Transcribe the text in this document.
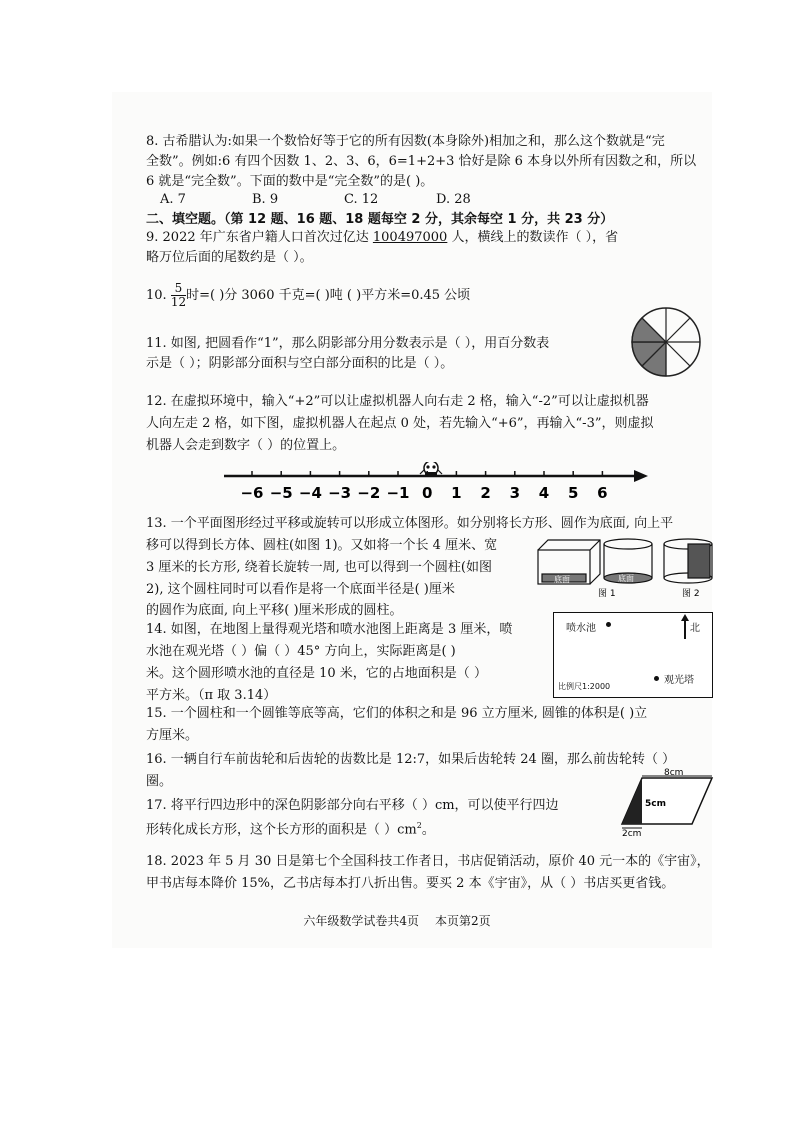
8. 古希腊认为:如果一个数恰好等于它的所有因数(本身除外)相加之和，那么这个数就是“完
全数”。例如:6 有四个因数 1、2、3、6，6=1+2+3 恰好是除 6 本身以外所有因数之和，所以
6 就是“完全数”。下面的数中是“完全数”的是( )。
A. 7	B. 9	C. 12	D. 28
二、填空题。（第 12 题、16 题、18 题每空 2 分，其余每空 1 分，共 23 分）
9. 2022 年广东省户籍人口首次过亿达 100497000 人，横线上的数读作（ ），省
略万位后面的尾数约是（ ）。
10. $\frac{5}{12}$ 时=( )分 3060 千克=( )吨 ( )平方米=0.45 公顷
11. 如图, 把圆看作“1”，那么阴影部分用分数表示是（ ），用百分数表
示是（ ）；阴影部分面积与空白部分面积的比是（ ）。
12. 在虚拟环境中，输入“+2”可以让虚拟机器人向右走 2 格，输入“-2”可以让虚拟机器
人向左走 2 格，如下图，虚拟机器人在起点 0 处，若先输入“+6”，再输入“-3”，则虚拟
机器人会走到数字（ ）的位置上。
−6 −5 −4 −3 −2 −1 0 1 2 3 4 5 6
13. 一个平面图形经过平移或旋转可以形成立体图形。如分别将长方形、圆作为底面, 向上平
移可以得到长方体、圆柱(如图 1)。又如将一个长 4 厘米、宽
3 厘米的长方形, 绕着长旋转一周, 也可以得到一个圆柱(如图
2), 这个圆柱同时可以看作是将一个底面半径是( )厘米
的圆作为底面, 向上平移( )厘米形成的圆柱。
底面	底面
图 1	图 2
14. 如图，在地图上量得观光塔和喷水池图上距离是 3 厘米，喷
水池在观光塔（ ）偏（ ）45° 方向上，实际距离是( )
米。这个圆形喷水池的直径是 10 米，它的占地面积是（ ）
平方米。（π 取 3.14）
喷水池	北
观光塔
比例尺1:2000
15. 一个圆柱和一个圆锥等底等高，它们的体积之和是 96 立方厘米, 圆锥的体积是( )立
方厘米。
16. 一辆自行车前齿轮和后齿轮的齿数比是 12:7，如果后齿轮转 24 圈，那么前齿轮转（ ）
圈。
17. 将平行四边形中的深色阴影部分向右平移（ ）cm，可以使平行四边
形转化成长方形，这个长方形的面积是（ ）$cm^2$。
8cm
5cm
2cm
18. 2023 年 5 月 30 日是第七个全国科技工作者日，书店促销活动，原价 40 元一本的《宇宙》，
甲书店每本降价 15%，乙书店每本打八折出售。要买 2 本《宇宙》，从（ ）书店买更省钱。
六年级数学试卷共4页 本页第2页
